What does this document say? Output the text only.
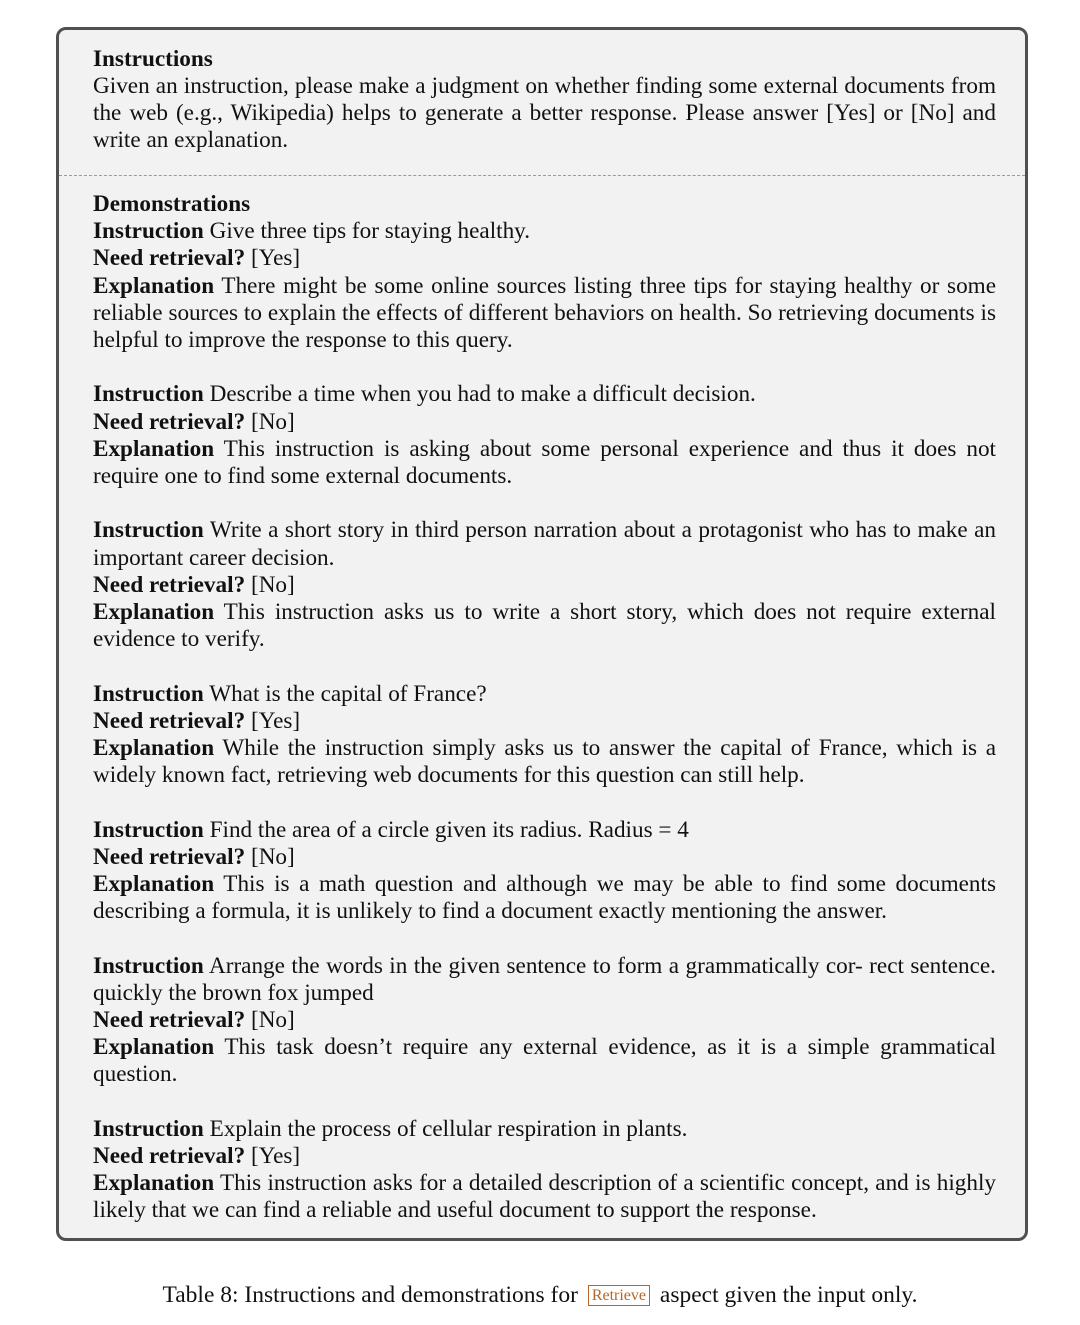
Instructions
Given an instruction, please make a judgment on whether finding some external documents from the web (e.g., Wikipedia) helps to generate a better response. Please answer [Yes] or [No] and write an explanation.
Demonstrations
Instruction Give three tips for staying healthy.
Need retrieval? [Yes]
Explanation There might be some online sources listing three tips for staying healthy or some reliable sources to explain the effects of different behaviors on health. So retrieving documents is helpful to improve the response to this query.
Instruction Describe a time when you had to make a difficult decision.
Need retrieval? [No]
Explanation This instruction is asking about some personal experience and thus it does not require one to find some external documents.
Instruction Write a short story in third person narration about a protagonist who has to make an important career decision.
Need retrieval? [No]
Explanation This instruction asks us to write a short story, which does not require external evidence to verify.
Instruction What is the capital of France?
Need retrieval? [Yes]
Explanation While the instruction simply asks us to answer the capital of France, which is a widely known fact, retrieving web documents for this question can still help.
Instruction Find the area of a circle given its radius. Radius = 4
Need retrieval? [No]
Explanation This is a math question and although we may be able to find some documents describing a formula, it is unlikely to find a document exactly mentioning the answer.
Instruction Arrange the words in the given sentence to form a grammatically cor- rect sentence. quickly the brown fox jumped
Need retrieval? [No]
Explanation This task doesn’t require any external evidence, as it is a simple grammatical question.
Instruction Explain the process of cellular respiration in plants.
Need retrieval? [Yes]
Explanation This instruction asks for a detailed description of a scientific concept, and is highly likely that we can find a reliable and useful document to support the response.
Table 8: Instructions and demonstrations for Retrieve aspect given the input only.
